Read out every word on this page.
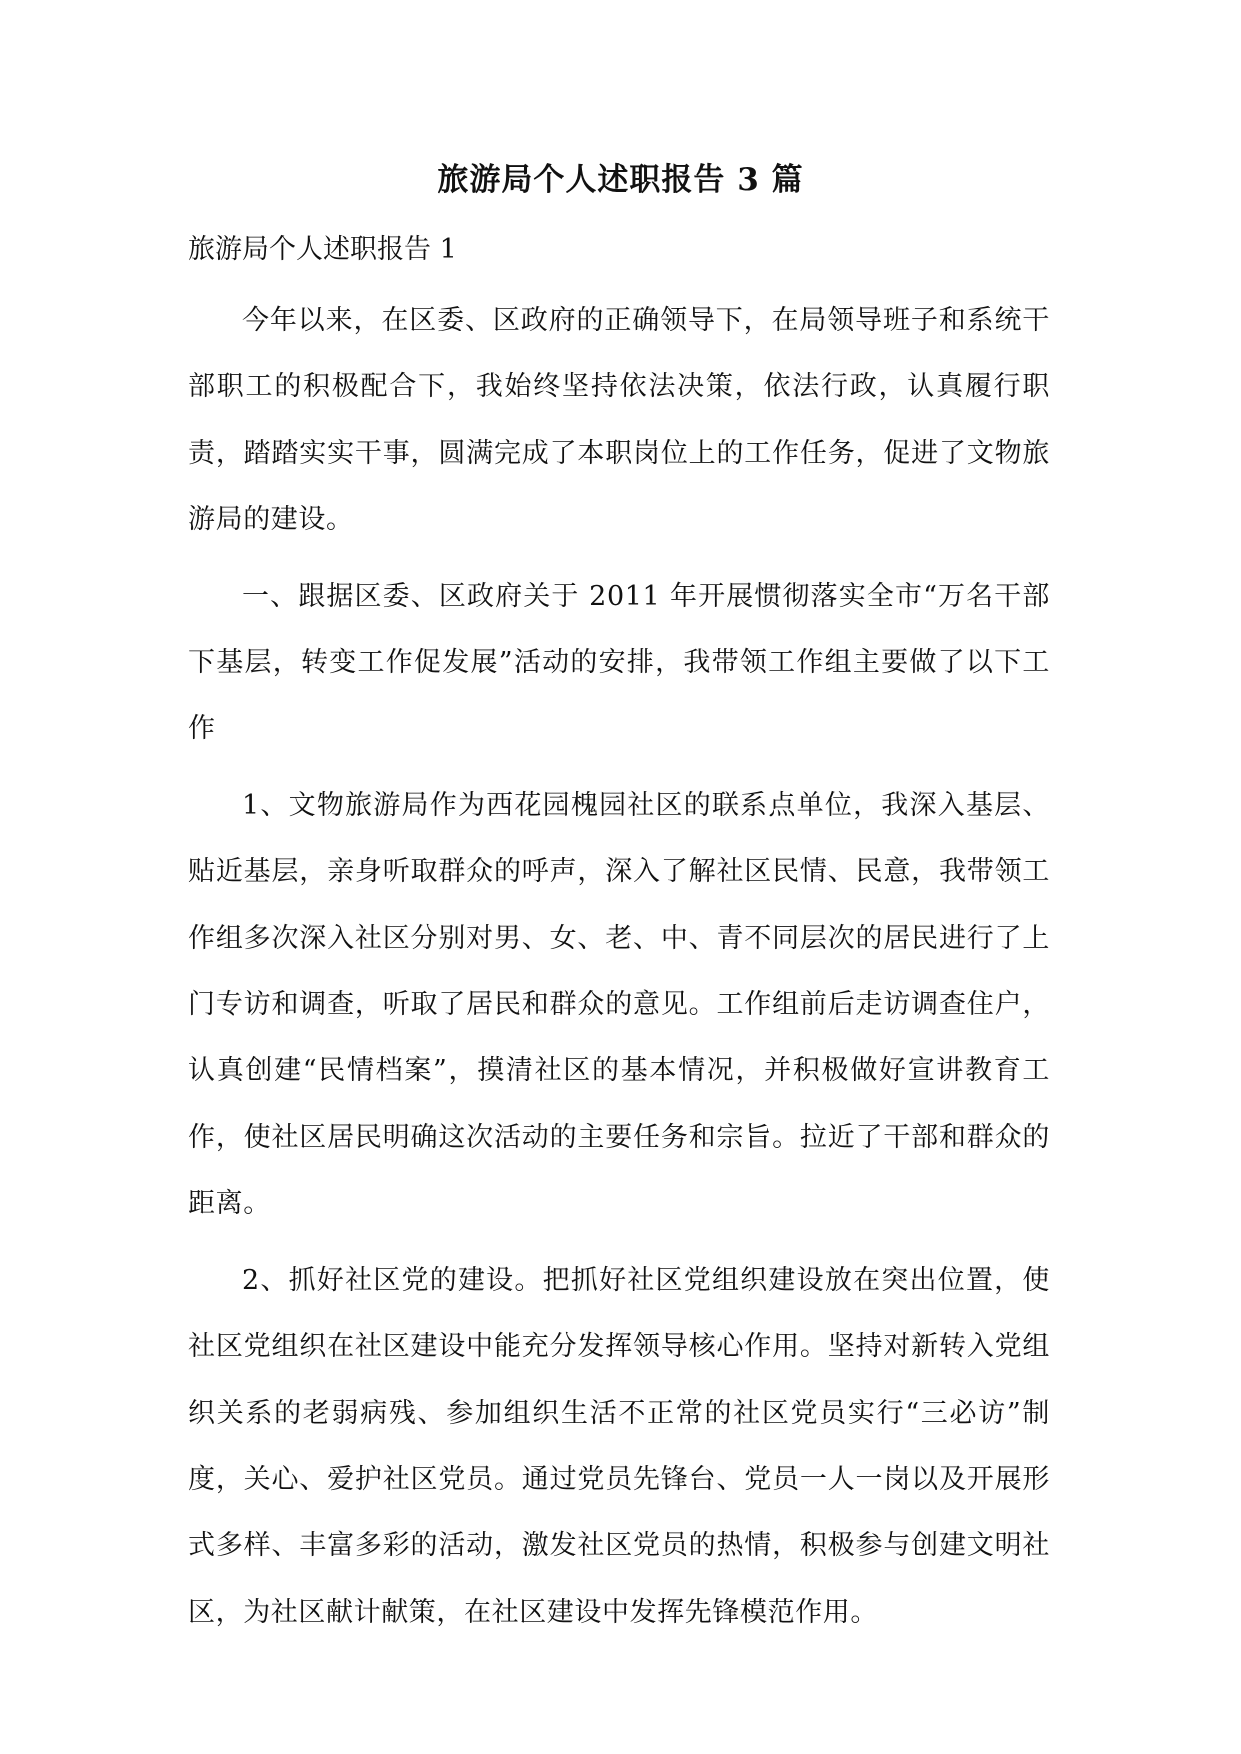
旅游局个人述职报告 3 篇

旅游局个人述职报告 1

今年以来，在区委、区政府的正确领导下，在局领导班子和系统干部职工的积极配合下，我始终坚持依法决策，依法行政，认真履行职责，踏踏实实干事，圆满完成了本职岗位上的工作任务，促进了文物旅游局的建设。

一、跟据区委、区政府关于 2011 年开展惯彻落实全市“万名干部下基层，转变工作促发展”活动的安排，我带领工作组主要做了以下工作

1、文物旅游局作为西花园槐园社区的联系点单位，我深入基层、贴近基层，亲身听取群众的呼声，深入了解社区民情、民意，我带领工作组多次深入社区分别对男、女、老、中、青不同层次的居民进行了上门专访和调查，听取了居民和群众的意见。工作组前后走访调查住户，认真创建“民情档案”，摸清社区的基本情况，并积极做好宣讲教育工作，使社区居民明确这次活动的主要任务和宗旨。拉近了干部和群众的距离。

2、抓好社区党的建设。把抓好社区党组织建设放在突出位置，使社区党组织在社区建设中能充分发挥领导核心作用。坚持对新转入党组织关系的老弱病残、参加组织生活不正常的社区党员实行“三必访”制度，关心、爱护社区党员。通过党员先锋台、党员一人一岗以及开展形式多样、丰富多彩的活动，激发社区党员的热情，积极参与创建文明社区，为社区献计献策，在社区建设中发挥先锋模范作用。
